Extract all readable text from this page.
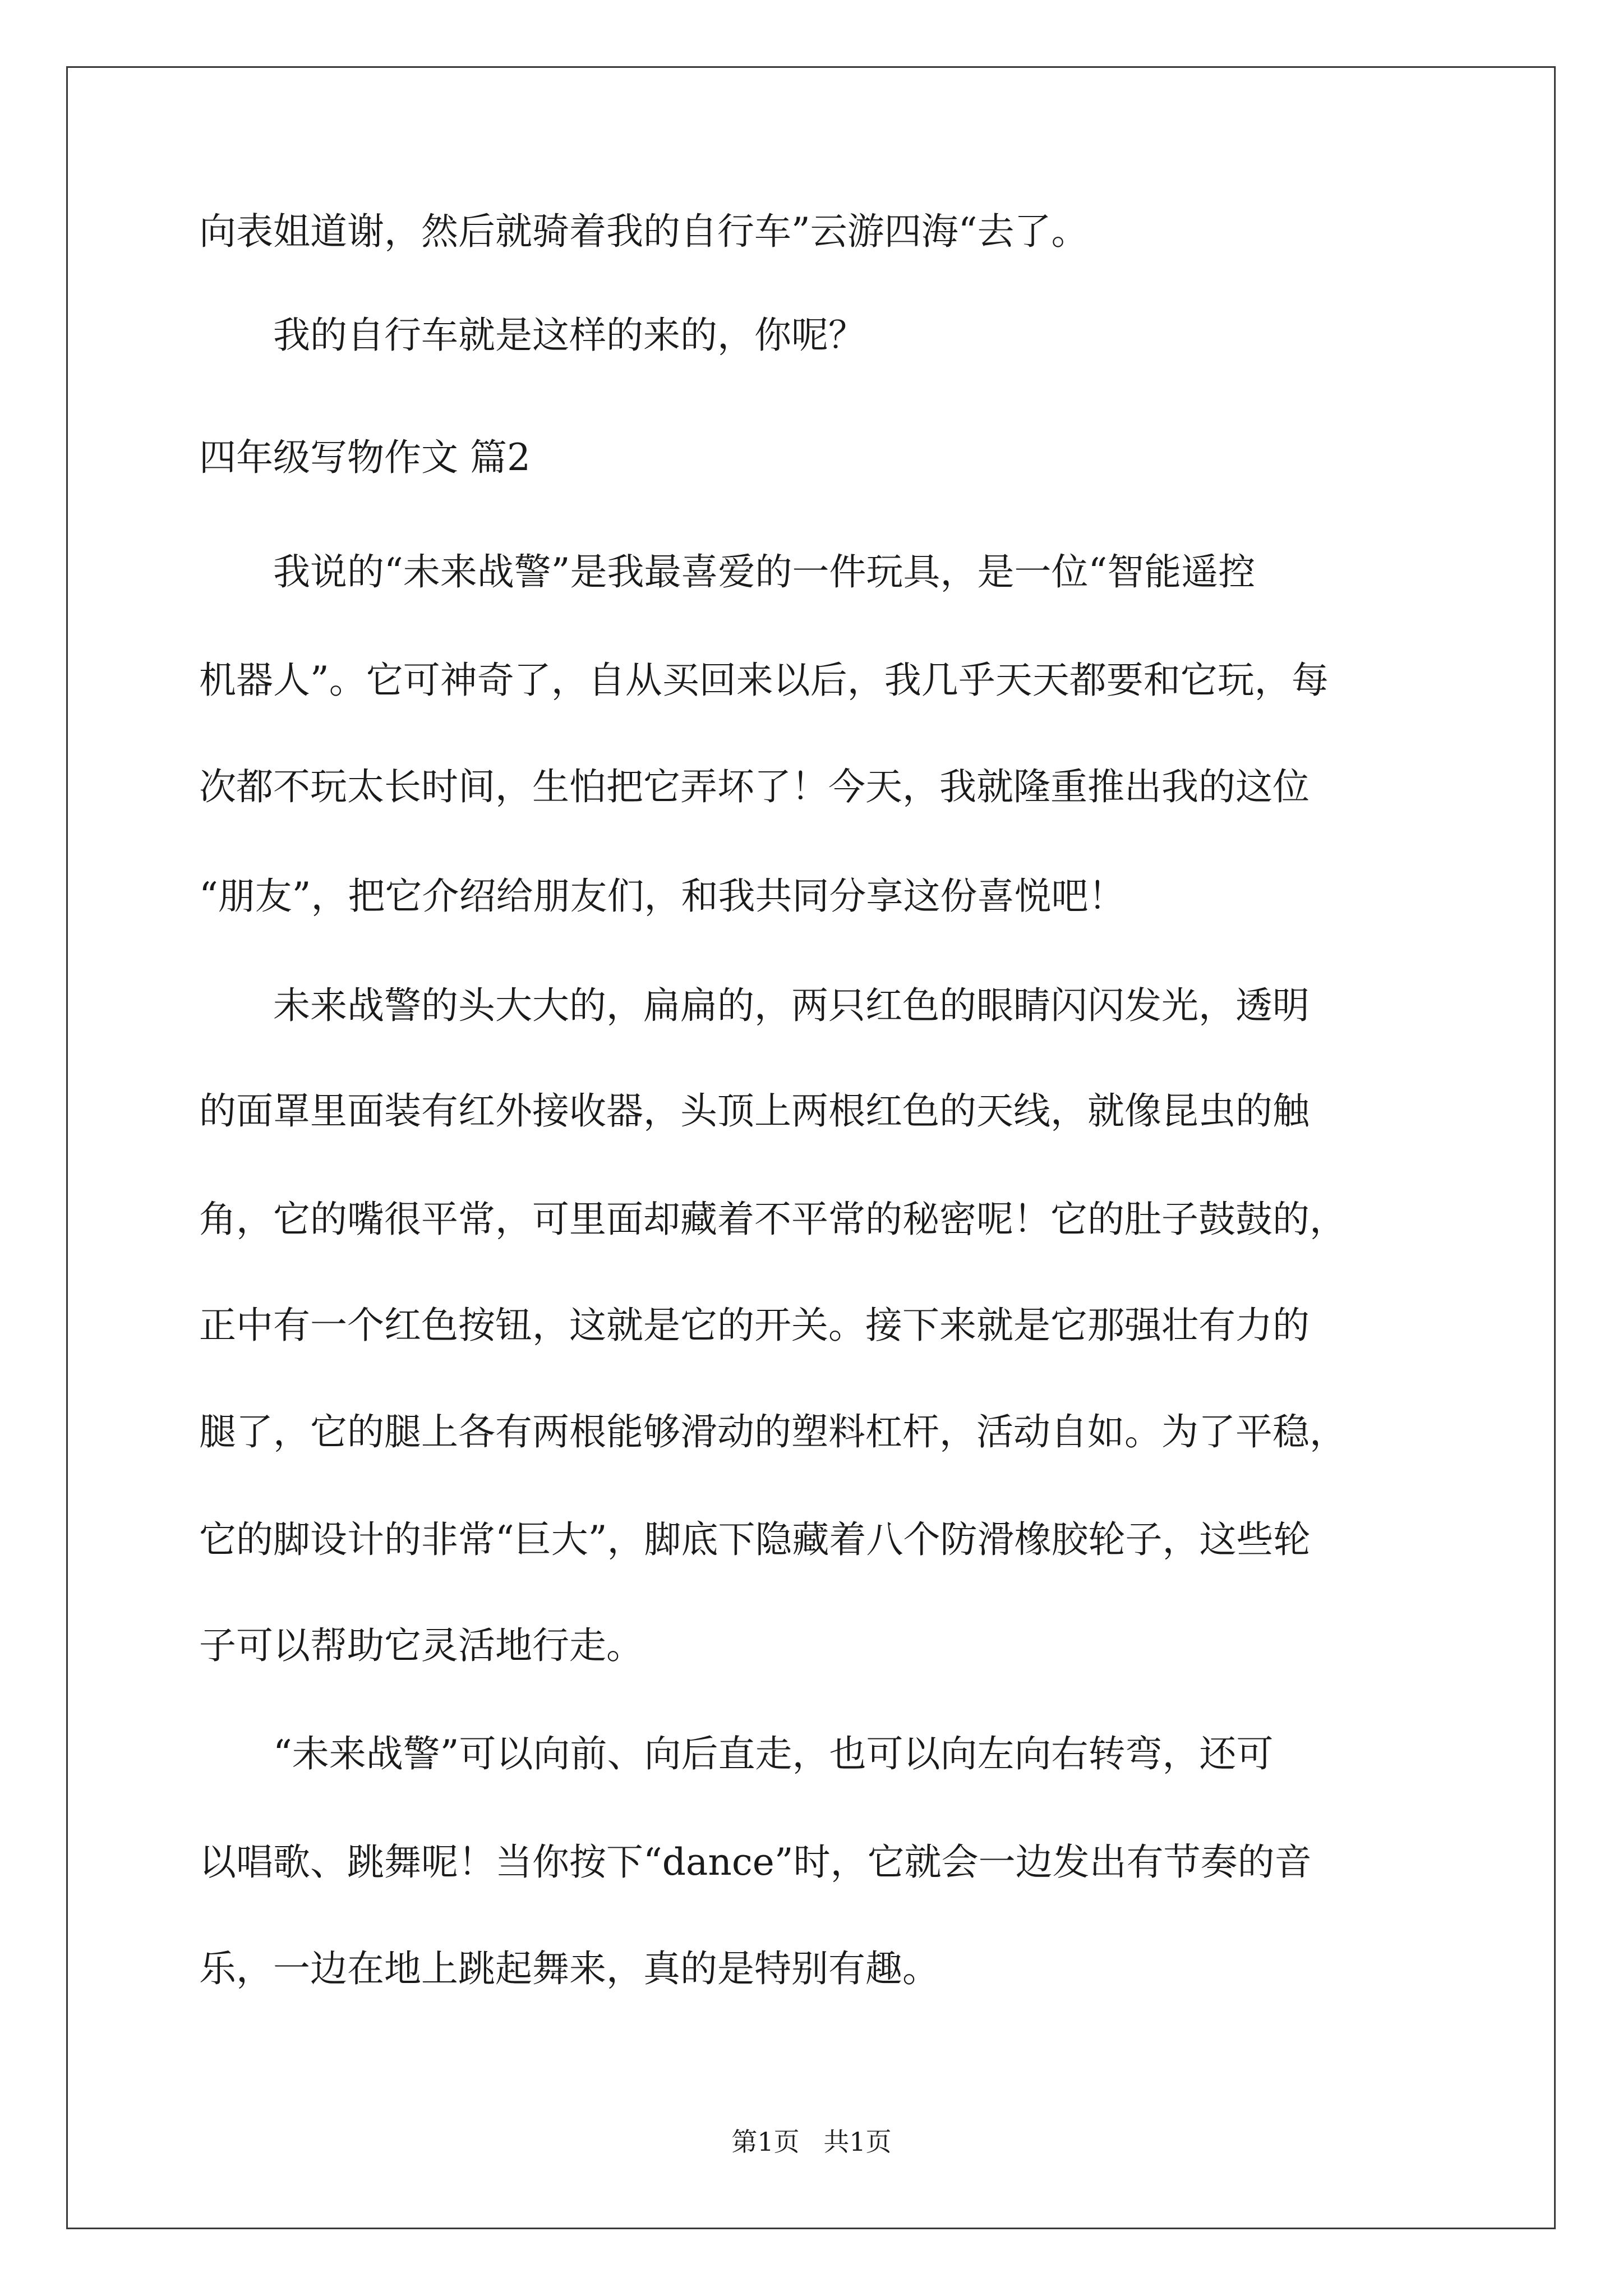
向表姐道谢，然后就骑着我的自行车”云游四海“去了。
　　我的自行车就是这样的来的，你呢？
四年级写物作文 篇2
　　我说的“未来战警”是我最喜爱的一件玩具，是一位“智能遥控
机器人”。它可神奇了，自从买回来以后，我几乎天天都要和它玩，每
次都不玩太长时间，生怕把它弄坏了！今天，我就隆重推出我的这位
“朋友”，把它介绍给朋友们，和我共同分享这份喜悦吧！
　　未来战警的头大大的，扁扁的，两只红色的眼睛闪闪发光，透明
的面罩里面装有红外接收器，头顶上两根红色的天线，就像昆虫的触
角，它的嘴很平常，可里面却藏着不平常的秘密呢！它的肚子鼓鼓的，
正中有一个红色按钮，这就是它的开关。接下来就是它那强壮有力的
腿了，它的腿上各有两根能够滑动的塑料杠杆，活动自如。为了平稳，
它的脚设计的非常“巨大”，脚底下隐藏着八个防滑橡胶轮子，这些轮
子可以帮助它灵活地行走。
　　“未来战警”可以向前、向后直走，也可以向左向右转弯，还可
以唱歌、跳舞呢！当你按下“dance”时，它就会一边发出有节奏的音
乐，一边在地上跳起舞来，真的是特别有趣。
第1页 共1页
